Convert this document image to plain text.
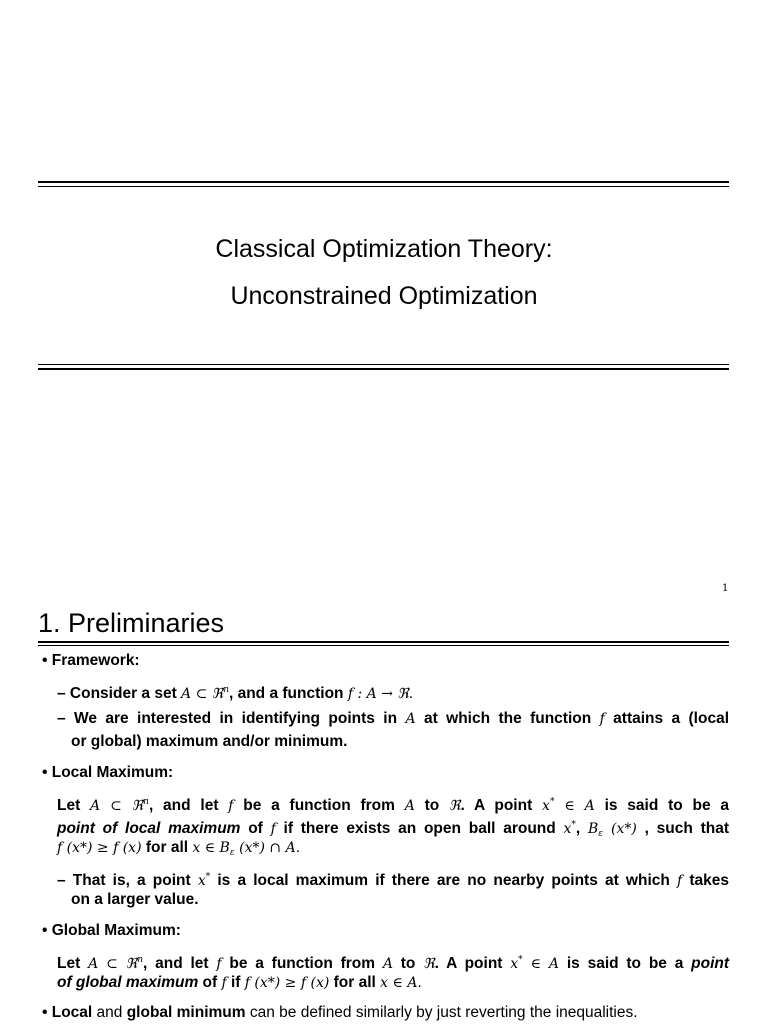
Classical Optimization Theory:
Unconstrained Optimization
1
1. Preliminaries
• Framework:
– Consider a set A ⊂ ℜ$^n$, and a function f : A → ℜ.
– We are interested in identifying points in A at which the function f attains a (local
or global) maximum and/or minimum.
• Local Maximum:
Let A ⊂ ℜ$^n$, and let f be a function from A to ℜ. A point x* ∈ A is said to be a
point of local maximum of f if there exists an open ball around x*, $B_\varepsilon$ (x*) , such that
f (x*) ≥ f (x) for all x ∈ $B_\varepsilon$ (x*) ∩ A.
– That is, a point x* is a local maximum if there are no nearby points at which f takes
on a larger value.
• Global Maximum:
Let A ⊂ ℜ$^n$, and let f be a function from A to ℜ. A point x* ∈ A is said to be a point
of global maximum of f if f (x*) ≥ f (x) for all x ∈ A.
• Local and global minimum can be defined similarly by just reverting the inequalities.
